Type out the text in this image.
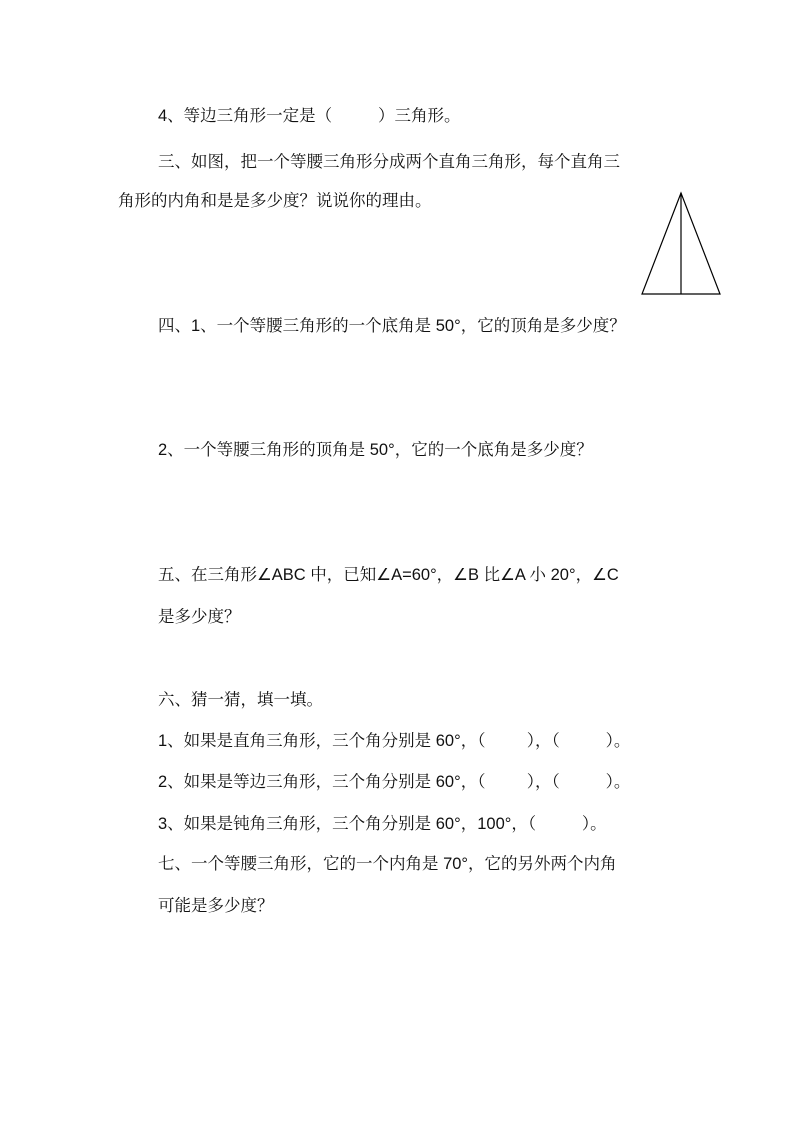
4、等边三角形一定是（          ）三角形。
三、如图，把一个等腰三角形分成两个直角三角形，每个直角三
角形的内角和是是多少度？说说你的理由。
四、1、一个等腰三角形的一个底角是 50°，它的顶角是多少度？
2、一个等腰三角形的顶角是 50°，它的一个底角是多少度？
五、在三角形∠ABC 中，已知∠A=60°，∠B 比∠A 小 20°，∠C
是多少度？
六、猜一猜，填一填。
1、如果是直角三角形，三个角分别是 60°，（         ），（          ）。
2、如果是等边三角形，三个角分别是 60°，（         ），（          ）。
3、如果是钝角三角形，三个角分别是 60°，100°，（          ）。
七、一个等腰三角形，它的一个内角是 70°，它的另外两个内角
可能是多少度？
